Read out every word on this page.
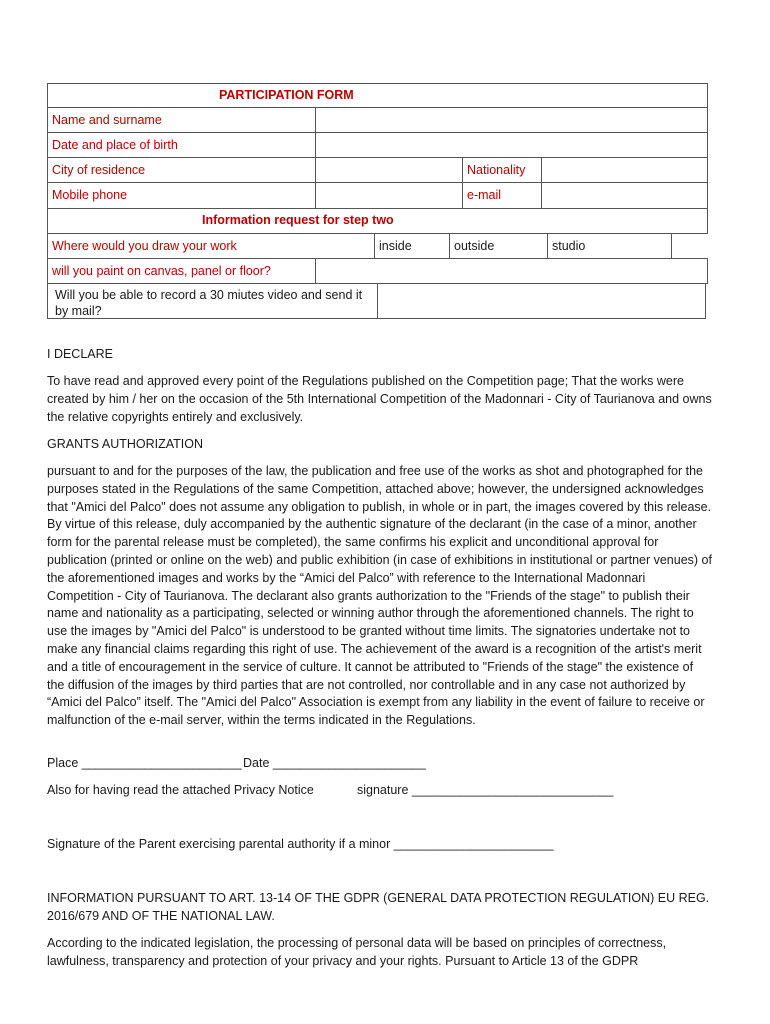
PARTICIPATION FORM
Name and surname
Date and place of birth
City of residence	Nationality
Mobile phone	e-mail
Information request for step two
Where would you draw your work	inside	outside	studio
will you paint on canvas, panel or floor?
Will you be able to record a 30 miutes video and send it by mail?
I DECLARE
To have read and approved every point of the Regulations published on the Competition page; That the works were created by him / her on the occasion of the 5th International Competition of the Madonnari - City of Taurianova and owns the relative copyrights entirely and exclusively.
GRANTS AUTHORIZATION
pursuant to and for the purposes of the law, the publication and free use of the works as shot and photographed for the purposes stated in the Regulations of the same Competition, attached above; however, the undersigned acknowledges that "Amici del Palco" does not assume any obligation to publish, in whole or in part, the images covered by this release. By virtue of this release, duly accompanied by the authentic signature of the declarant (in the case of a minor, another form for the parental release must be completed), the same confirms his explicit and unconditional approval for publication (printed or online on the web) and public exhibition (in case of exhibitions in institutional or partner venues) of the aforementioned images and works by the “Amici del Palco” with reference to the International Madonnari Competition - City of Taurianova. The declarant also grants authorization to the "Friends of the stage" to publish their name and nationality as a participating, selected or winning author through the aforementioned channels. The right to use the images by "Amici del Palco" is understood to be granted without time limits. The signatories undertake not to make any financial claims regarding this right of use. The achievement of the award is a recognition of the artist's merit and a title of encouragement in the service of culture. It cannot be attributed to "Friends of the stage" the existence of the diffusion of the images by third parties that are not controlled, nor controllable and in any case not authorized by “Amici del Palco” itself. The "Amici del Palco" Association is exempt from any liability in the event of failure to receive or malfunction of the e-mail server, within the terms indicated in the Regulations.
Place _______________________ Date ______________________
Also for having read the attached Privacy Notice	signature _____________________________
Signature of the Parent exercising parental authority if a minor _______________________
INFORMATION PURSUANT TO ART. 13-14 OF THE GDPR (GENERAL DATA PROTECTION REGULATION) EU REG. 2016/679 AND OF THE NATIONAL LAW.
According to the indicated legislation, the processing of personal data will be based on principles of correctness, lawfulness, transparency and protection of your privacy and your rights. Pursuant to Article 13 of the GDPR
